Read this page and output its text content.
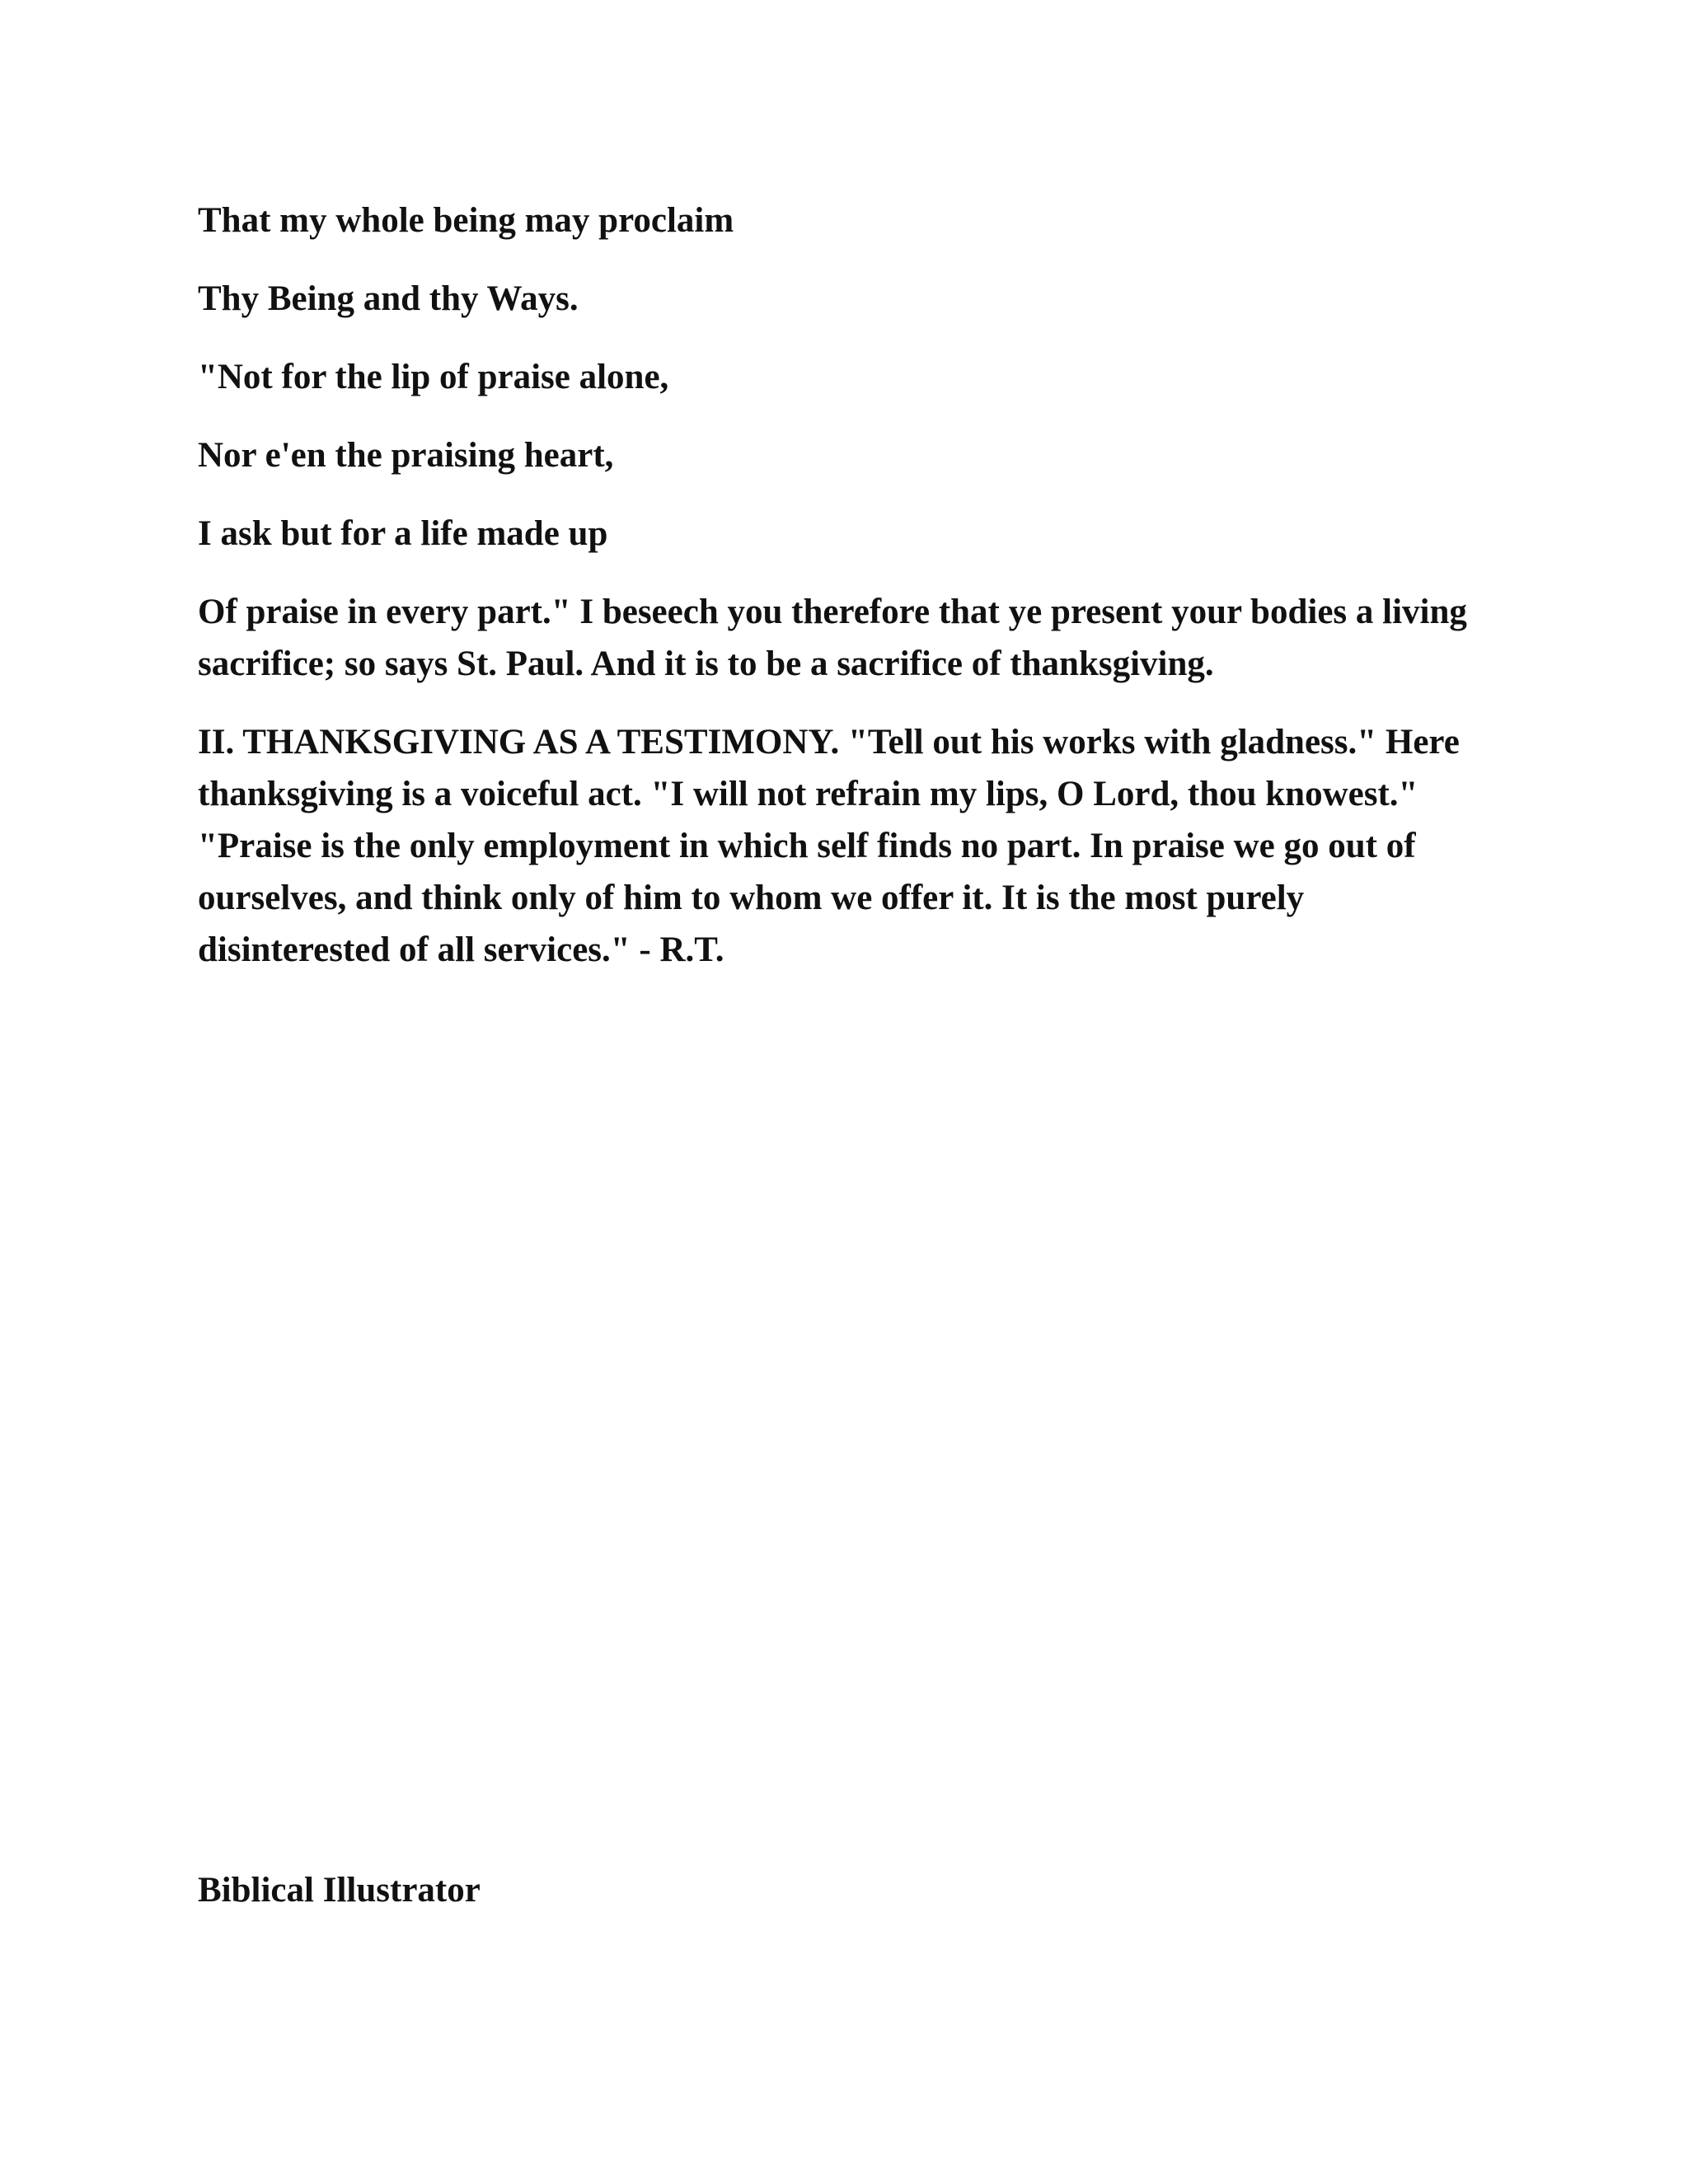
That my whole being may proclaim

Thy Being and thy Ways.

"Not for the lip of praise alone,

Nor e'en the praising heart,

I ask but for a life made up

Of praise in every part." I beseech you therefore that ye present your bodies a living sacrifice; so says St. Paul. And it is to be a sacrifice of thanksgiving.

II. THANKSGIVING AS A TESTIMONY. "Tell out his works with gladness." Here thanksgiving is a voiceful act. "I will not refrain my lips, O Lord, thou knowest." "Praise is the only employment in which self finds no part. In praise we go out of ourselves, and think only of him to whom we offer it. It is the most purely disinterested of all services." - R.T.

Biblical Illustrator
